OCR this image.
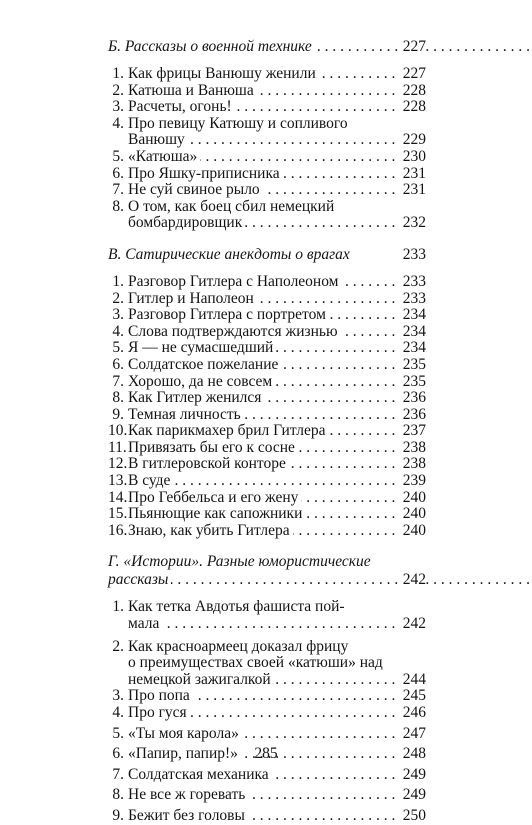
. . . Б. Рассказы о военной технике	227
1. . . . Как фрицы Ванюшу женили	227
2. . . . Катюша и Ванюша	228
3. . . . Расчеты, огонь!	228
4. Про певицу Катюшу и сопливого
. . . Ванюшу	229
5. . . . «Катюша»	230
6. . . . Про Яшку-приписника	231
7. . . . Не суй свиное рыло	231
8. О том, как боец сбил немецкий
. . . бомбардировщик	232
В. Сатирические анекдоты о врагах	233
1. . . . Разговор Гитлера с Наполеоном	233
2. . . . Гитлер и Наполеон	233
3. . . . Разговор Гитлера с портретом	234
4. . . . Слова подтверждаются жизнью	234
5. . . . Я — не сумасшедший	234
6. . . . Солдатское пожелание	235
7. . . . Хорошо, да не совсем	235
8. . . . Как Гитлер женился	236
9. . . . Темная личность	236
10. . . . Как парикмахер брил Гитлера	237
11. . . . Привязать бы его к сосне	238
12. . . . В гитлеровской конторе	238
13. . . . В суде	239
14. . . . Про Геббельса и его жену	240
15. . . . Пьянющие как сапожники	240
16. . . . Знаю, как убить Гитлера	240
Г. «Истории». Разные юмористические
. . . рассказы	242
1. Как тетка Авдотья фашиста пой-
. . . мала	242
2. Как красноармеец доказал фрицу
о преимуществах своей «катюши» над
. . . немецкой зажигалкой	244
3. . . . Про попа	245
4. . . . Про гуся	246
5. . . . «Ты моя карола»	247
6. . . . «Папир, папир!»	248
7. . . . Солдатская механика	249
8. . . . Не все ж горевать	249
9. . . . Бежит без головы	250
285
